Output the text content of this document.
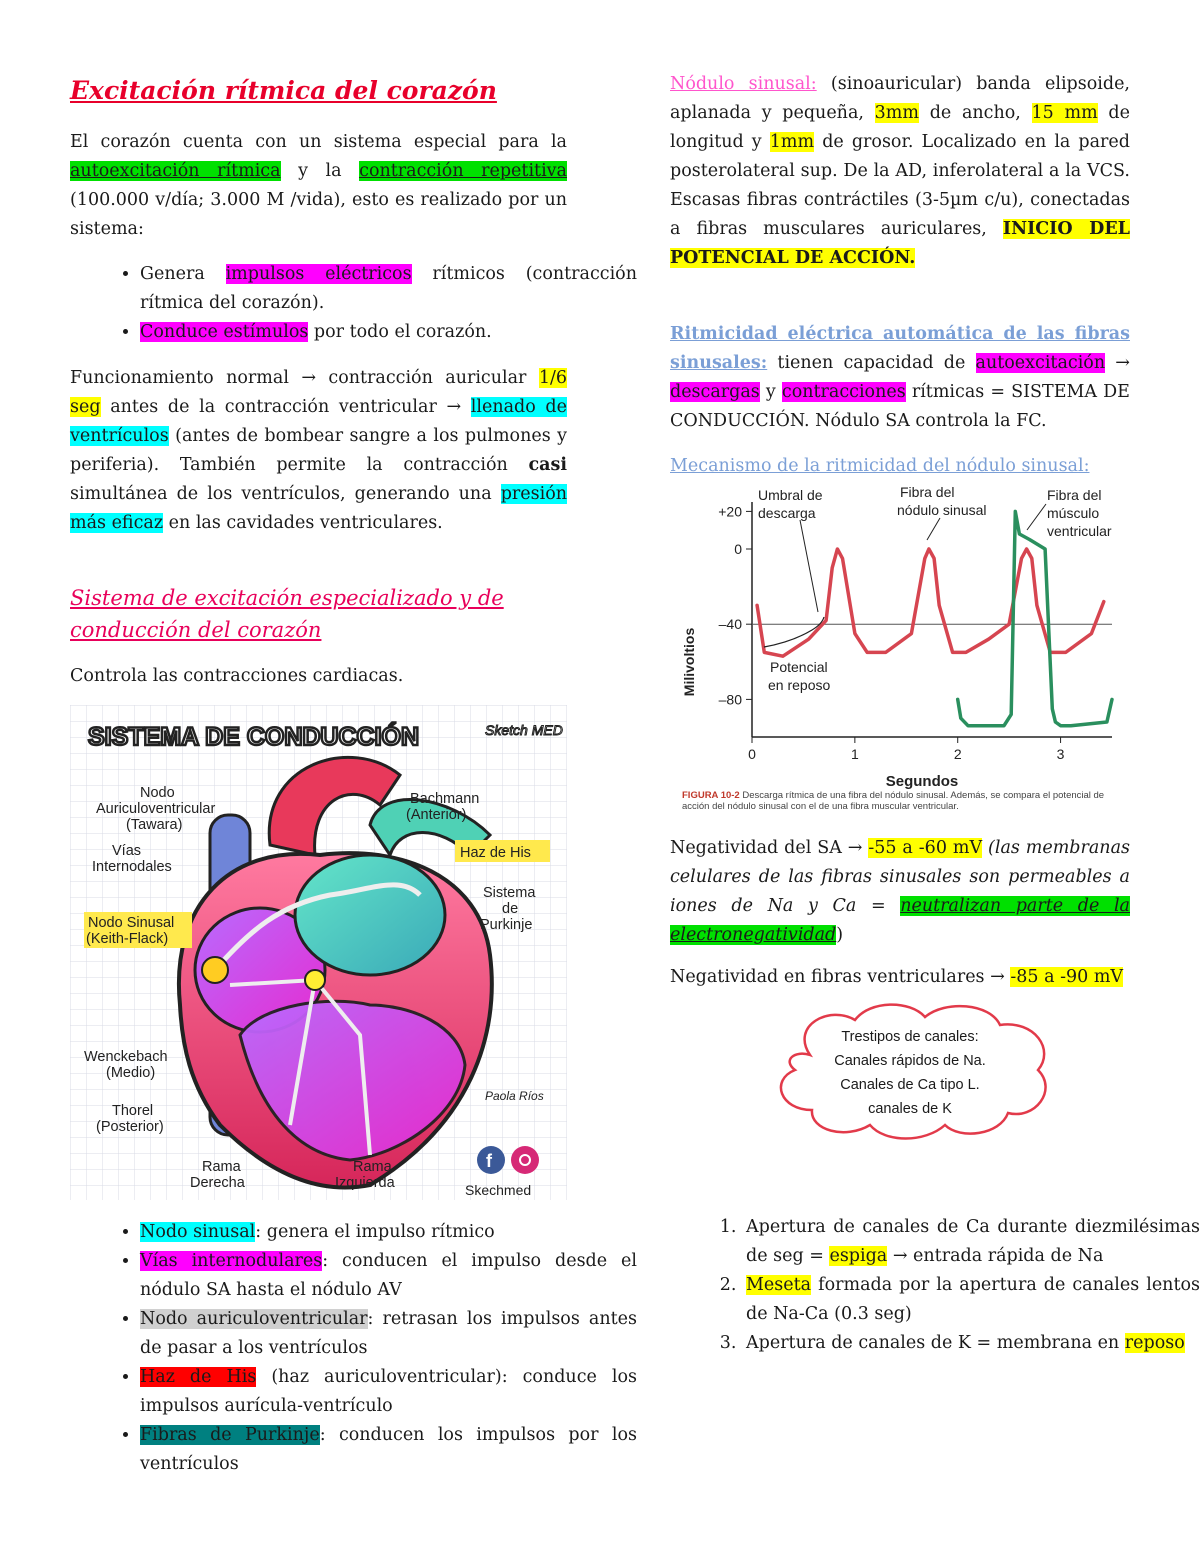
Excitación rítmica del corazón

El corazón cuenta con un sistema especial para la autoexcitación rítmica y la contracción repetitiva (100.000 v/día; 3.000 M /vida), esto es realizado por un sistema:

• Genera impulsos eléctricos rítmicos (contracción rítmica del corazón).
• Conduce estímulos por todo el corazón.

Funcionamiento normal → contracción auricular 1/6 seg antes de la contracción ventricular → llenado de ventrículos (antes de bombear sangre a los pulmones y periferia). También permite la contracción casi simultánea de los ventrículos, generando una presión más eficaz en las cavidades ventriculares.

Sistema de excitación especializado y de conducción del corazón

Controla las contracciones cardiacas.

• Nodo sinusal: genera el impulso rítmico
• Vías internodulares: conducen el impulso desde el nódulo SA hasta el nódulo AV
• Nodo auriculoventricular: retrasan los impulsos antes de pasar a los ventrículos
• Haz de His (haz auriculoventricular): conduce los impulsos aurícula-ventrículo
• Fibras de Purkinje: conducen los impulsos por los ventrículos
SISTEMA DE CONDUCCIÓN	Sketch MED
Nodo Auriculoventricular (Tawara)
Bachmann (Anterior)
Vías Internodales
Haz de His
Sistema de Purkinje
Nodo Sinusal (Keith-Flack)
Wenckebach (Medio)
Thorel (Posterior)
Rama Derecha
Rama Izquierda
Paola Ríos
f
Skechmed

Nódulo sinusal: (sinoauricular) banda elipsoide, aplanada y pequeña, 3mm de ancho, 15 mm de longitud y 1mm de grosor. Localizado en la pared posterolateral sup. De la AD, inferolateral a la VCS. Escasas fibras contráctiles (3-5µm c/u), conectadas a fibras musculares auriculares, INICIO DEL POTENCIAL DE ACCIÓN.

Ritmicidad eléctrica automática de las fibras sinusales: tienen capacidad de autoexcitación → descargas y contracciones rítmicas = SISTEMA DE CONDUCCIÓN. Nódulo SA controla la FC.

Mecanismo de la ritmicidad del nódulo sinusal:

+20
0
–40
–80
0	1	2	3
Milivoltios
Segundos
Umbral de descarga
Fibra del nódulo sinusal
Fibra del músculo ventricular
Potencial en reposo
FIGURA 10-2 Descarga rítmica de una fibra del nódulo sinusal. Además, se compara el potencial de acción del nódulo sinusal con el de una fibra muscular ventricular.

Negatividad del SA → -55 a -60 mV (las membranas celulares de las fibras sinusales son permeables a iones de Na y Ca = neutralizan parte de la electronegatividad)

Negatividad en fibras ventriculares → -85 a -90 mV

Trestipos de canales: Canales rápidos de Na. Canales de Ca tipo L. canales de K
1. Apertura de canales de Ca durante diezmilésimas de seg = espiga → entrada rápida de Na
2. Meseta formada por la apertura de canales lentos de Na-Ca (0.3 seg)
3. Apertura de canales de K = membrana en reposo
